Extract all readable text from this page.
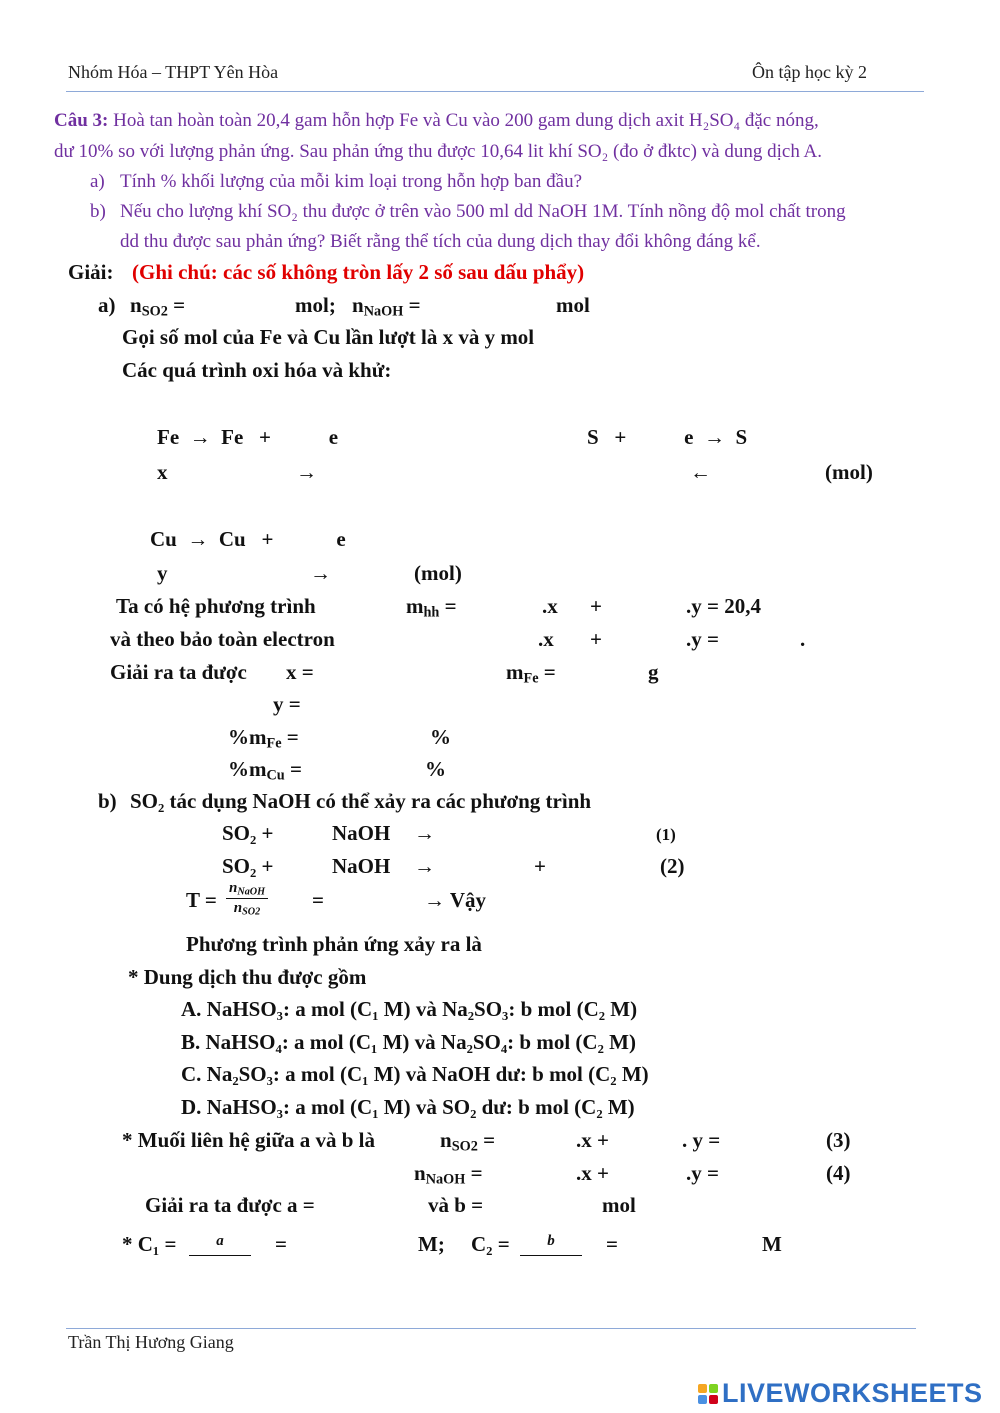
Nhóm Hóa – THPT Yên Hòa	Ôn tập học kỳ 2
Câu 3: Hoà tan hoàn toàn 20,4 gam hỗn hợp Fe và Cu vào 200 gam dung dịch axit H₂SO₄ đặc nóng,
dư 10% so với lượng phản ứng. Sau phản ứng thu được 10,64 lit khí SO₂ (đo ở đktc) và dung dịch A.
a) Tính % khối lượng của mỗi kim loại trong hỗn hợp ban đầu?
b) Nếu cho lượng khí SO₂ thu được ở trên vào 500 ml dd NaOH 1M. Tính nồng độ mol chất trong
dd thu được sau phản ứng? Biết rằng thể tích của dung dịch thay đổi không đáng kể.
Giải: (Ghi chú: các số không tròn lấy 2 số sau dấu phẩy)
a) $n_{SO2}$ =	mol; $n_{NaOH}$ =	mol
Gọi số mol của Fe và Cu lần lượt là x và y mol
Các quá trình oxi hóa và khử:
Fe  →  Fe   +           e	S   +           e  →  S
x	→	←	(mol)
Cu  →  Cu   +            e
y	→	(mol)
Ta có hệ phương trình	$m_{hh}$ =	.x +	.y = 20,4
và theo bảo toàn electron	.x +	.y =	.
Giải ra ta được x =	$m_{Fe}$ =	g
y =
$\%m_{Fe}$ =	%
$\%m_{Cu}$ =	%
b) SO₂ tác dụng NaOH có thể xảy ra các phương trình
SO₂ +	NaOH →	(1)
SO₂ +	NaOH →	+	(2)
$T = \frac{n_{NaOH}}{n_{SO2}}$ =	→ Vậy
Phương trình phản ứng xảy ra là
* Dung dịch thu được gồm
A. NaHSO₃: a mol (C₁ M) và Na₂SO₃: b mol (C₂ M)
B. NaHSO₄: a mol (C₁ M) và Na₂SO₄: b mol (C₂ M)
C. Na₂SO₃: a mol (C₁ M) và NaOH dư: b mol (C₂ M)
D. NaHSO₃: a mol (C₁ M) và SO₂ dư: b mol (C₂ M)
* Muối liên hệ giữa a và b là	$n_{SO2}$ =	.x +	. y =	(3)
$n_{NaOH}$ =	.x +	.y =	(4)
Giải ra ta được a =	và b =	mol
* C₁ =	a	=	M; C₂ =	b	=	M
Trần Thị Hương Giang
LIVEWORKSHEETS
